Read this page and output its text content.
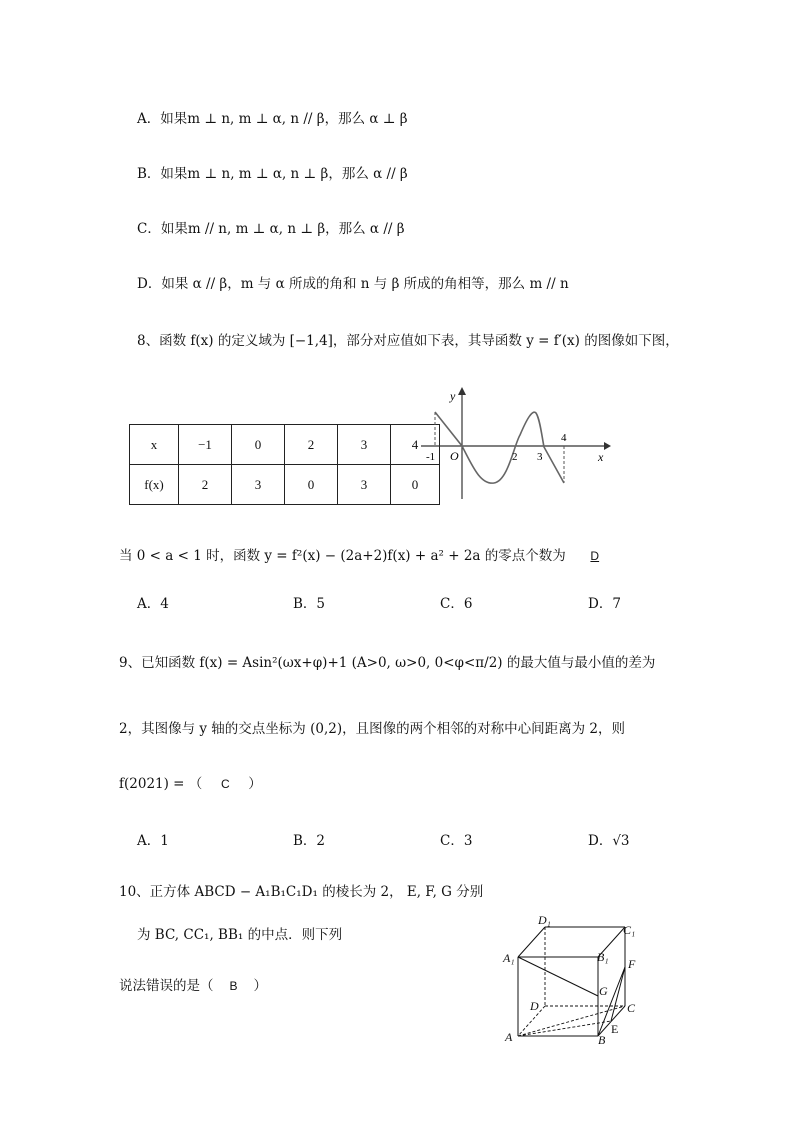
A．如果m ⊥ n, m ⊥ α, n // β，那么 α ⊥ β
B．如果m ⊥ n, m ⊥ α, n ⊥ β，那么 α // β
C．如果m // n, m ⊥ α, n ⊥ β，那么 α // β
D．如果 α // β，m 与 α 所成的角和 n 与 β 所成的角相等，那么 m // n
8、函数 f(x) 的定义域为 [−1,4]，部分对应值如下表，其导函数 y = f′(x) 的图像如下图，
x	−1	0	2	3	4
f(x)	2	3	0	3	0
y
x
O
-1	2 3
4
当 0 < a < 1 时，函数 y = f²(x) − (2a+2)f(x) + a² + 2a 的零点个数为 D
A．4	B．5	C．6	D．7
9、已知函数 f(x) = Asin²(ωx+φ)+1 (A>0, ω>0, 0<φ<π/2) 的最大值与最小值的差为
2，其图像与 y 轴的交点坐标为 (0,2)，且图像的两个相邻的对称中心间距离为 2，则
f(2021) = （ C ）
A．1	B．2	C．3	D．√3
10、正方体 ABCD − A₁B₁C₁D₁ 的棱长为 2， E, F, G 分别
为 BC, CC₁, BB₁ 的中点．则下列
说法错误的是（ B ）
D₁
C₁
A₁	B₁ F
D
G
C
E
A	B
